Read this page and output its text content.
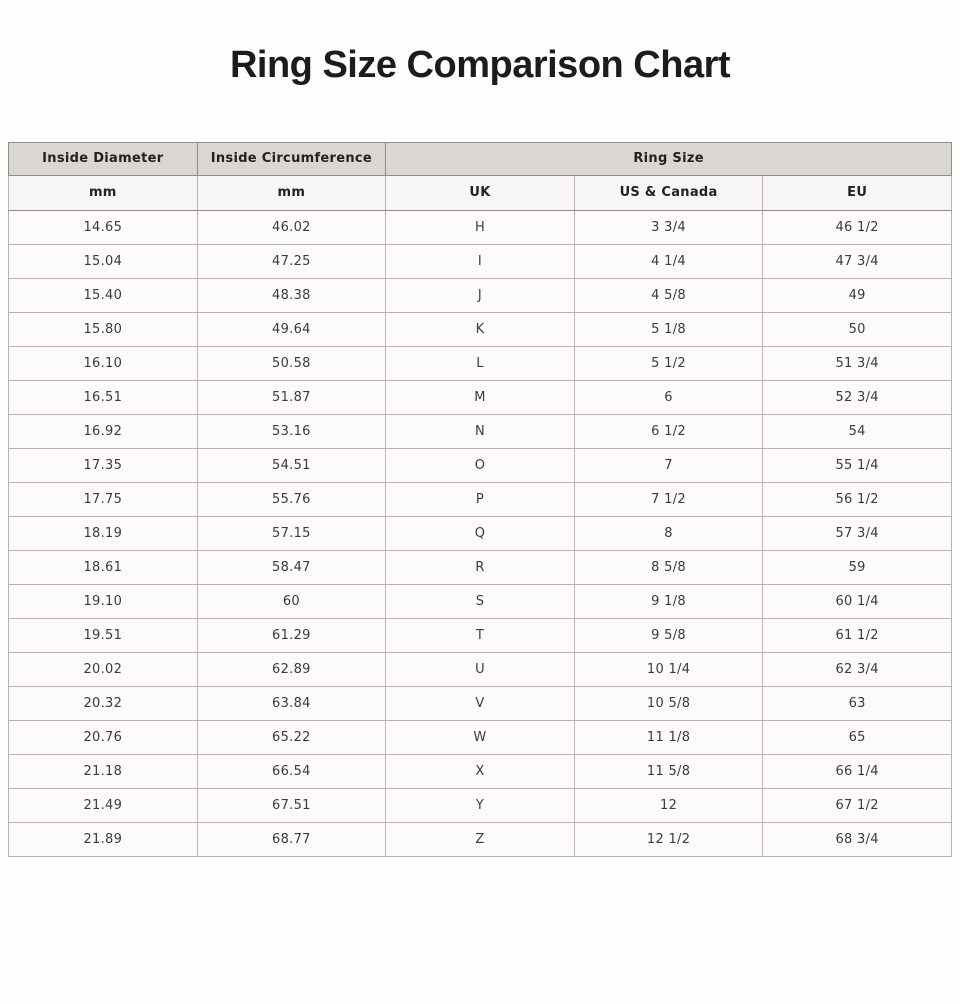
Ring Size Comparison Chart
Inside Diameter	Inside Circumference	Ring Size		
mm	mm	UK	US & Canada	EU
14.65	46.02	H	3 3/4	46 1/2
15.04	47.25	I	4 1/4	47 3/4
15.40	48.38	J	4 5/8	49
15.80	49.64	K	5 1/8	50
16.10	50.58	L	5 1/2	51 3/4
16.51	51.87	M	6	52 3/4
16.92	53.16	N	6 1/2	54
17.35	54.51	O	7	55 1/4
17.75	55.76	P	7 1/2	56 1/2
18.19	57.15	Q	8	57 3/4
18.61	58.47	R	8 5/8	59
19.10	60	S	9 1/8	60 1/4
19.51	61.29	T	9 5/8	61 1/2
20.02	62.89	U	10 1/4	62 3/4
20.32	63.84	V	10 5/8	63
20.76	65.22	W	11 1/8	65
21.18	66.54	X	11 5/8	66 1/4
21.49	67.51	Y	12	67 1/2
21.89	68.77	Z	12 1/2	68 3/4
